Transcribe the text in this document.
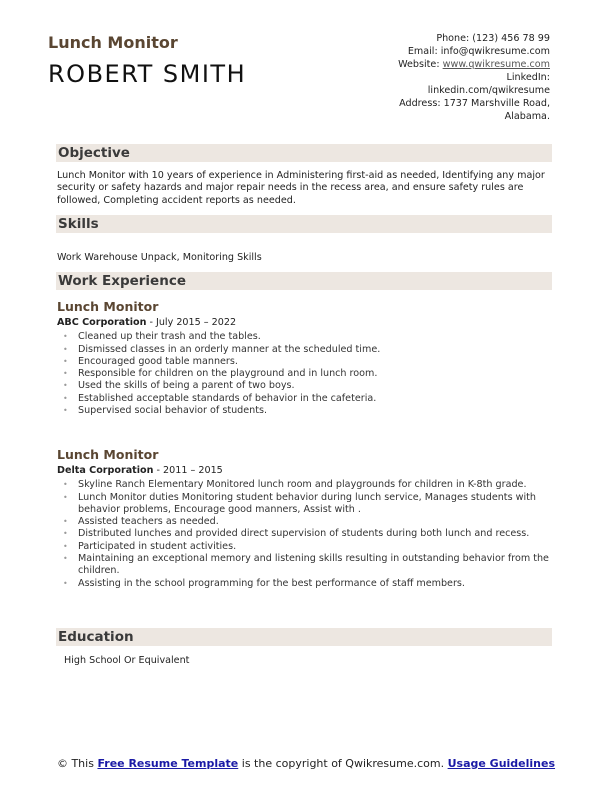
Lunch Monitor
ROBERT SMITH
Phone: (123) 456 78 99
Email: info@qwikresume.com
Website: www.qwikresume.com
LinkedIn:
linkedin.com/qwikresume
Address: 1737 Marshville Road,
Alabama.
Objective
Lunch Monitor with 10 years of experience in Administering first-aid as needed, Identifying any major security or safety hazards and major repair needs in the recess area, and ensure safety rules are followed, Completing accident reports as needed.
Skills
Work Warehouse Unpack, Monitoring Skills
Work Experience
Lunch Monitor
ABC Corporation - July 2015 – 2022
• Cleaned up their trash and the tables.
• Dismissed classes in an orderly manner at the scheduled time.
• Encouraged good table manners.
• Responsible for children on the playground and in lunch room.
• Used the skills of being a parent of two boys.
• Established acceptable standards of behavior in the cafeteria.
• Supervised social behavior of students.
Lunch Monitor
Delta Corporation - 2011 – 2015
• Skyline Ranch Elementary Monitored lunch room and playgrounds for children in K-8th grade.
• Lunch Monitor duties Monitoring student behavior during lunch service, Manages students with behavior problems, Encourage good manners, Assist with .
• Assisted teachers as needed.
• Distributed lunches and provided direct supervision of students during both lunch and recess.
• Participated in student activities.
• Maintaining an exceptional memory and listening skills resulting in outstanding behavior from the children.
• Assisting in the school programming for the best performance of staff members.
Education
High School Or Equivalent
© This Free Resume Template is the copyright of Qwikresume.com. Usage Guidelines
